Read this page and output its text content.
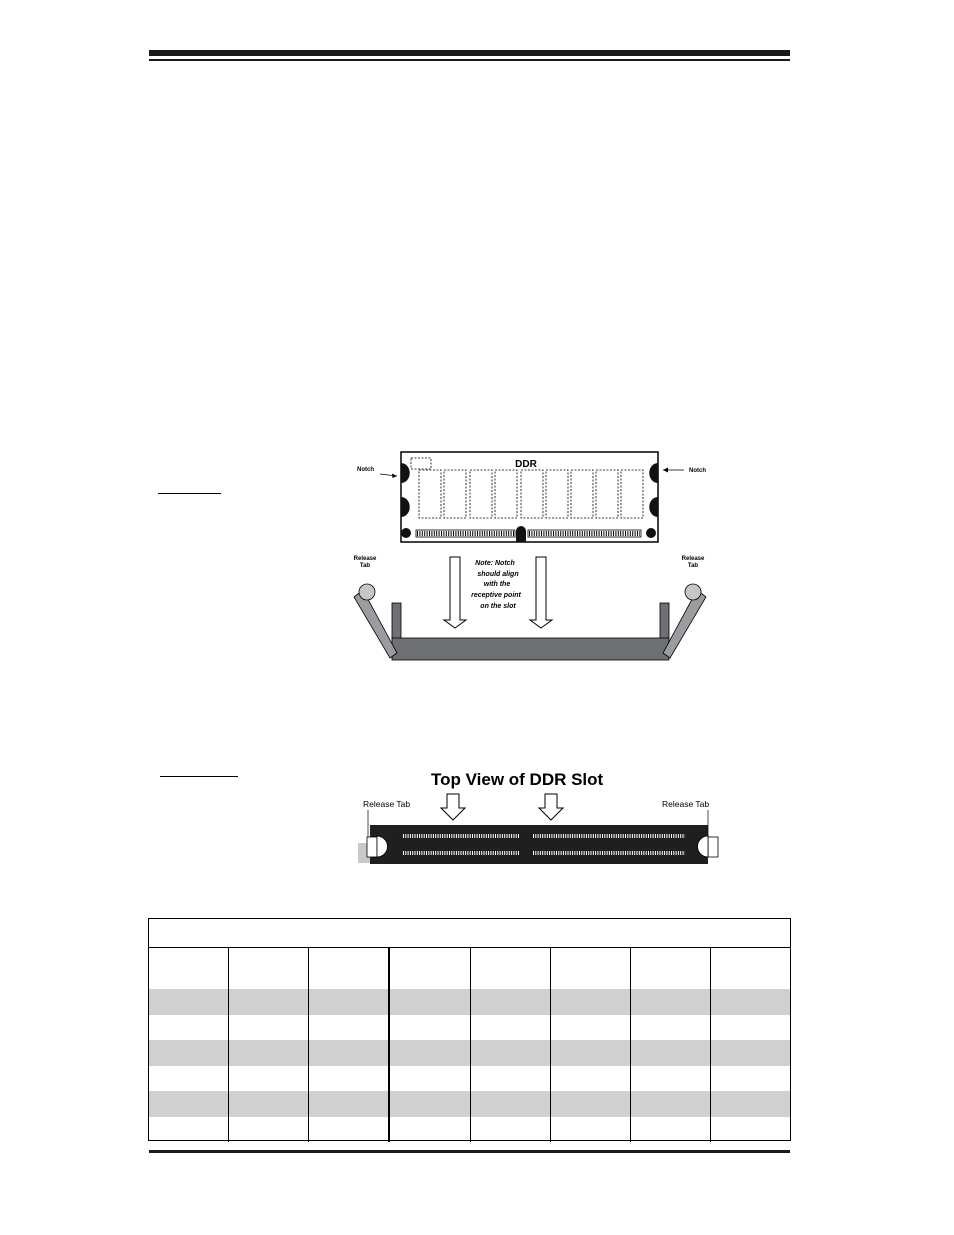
DDR
Notch	Notch
Note: Notch
should align
with the
receptive point
on the slot
Release Tab
Release Tab
Top View of DDR Slot
Release Tab	Release Tab
